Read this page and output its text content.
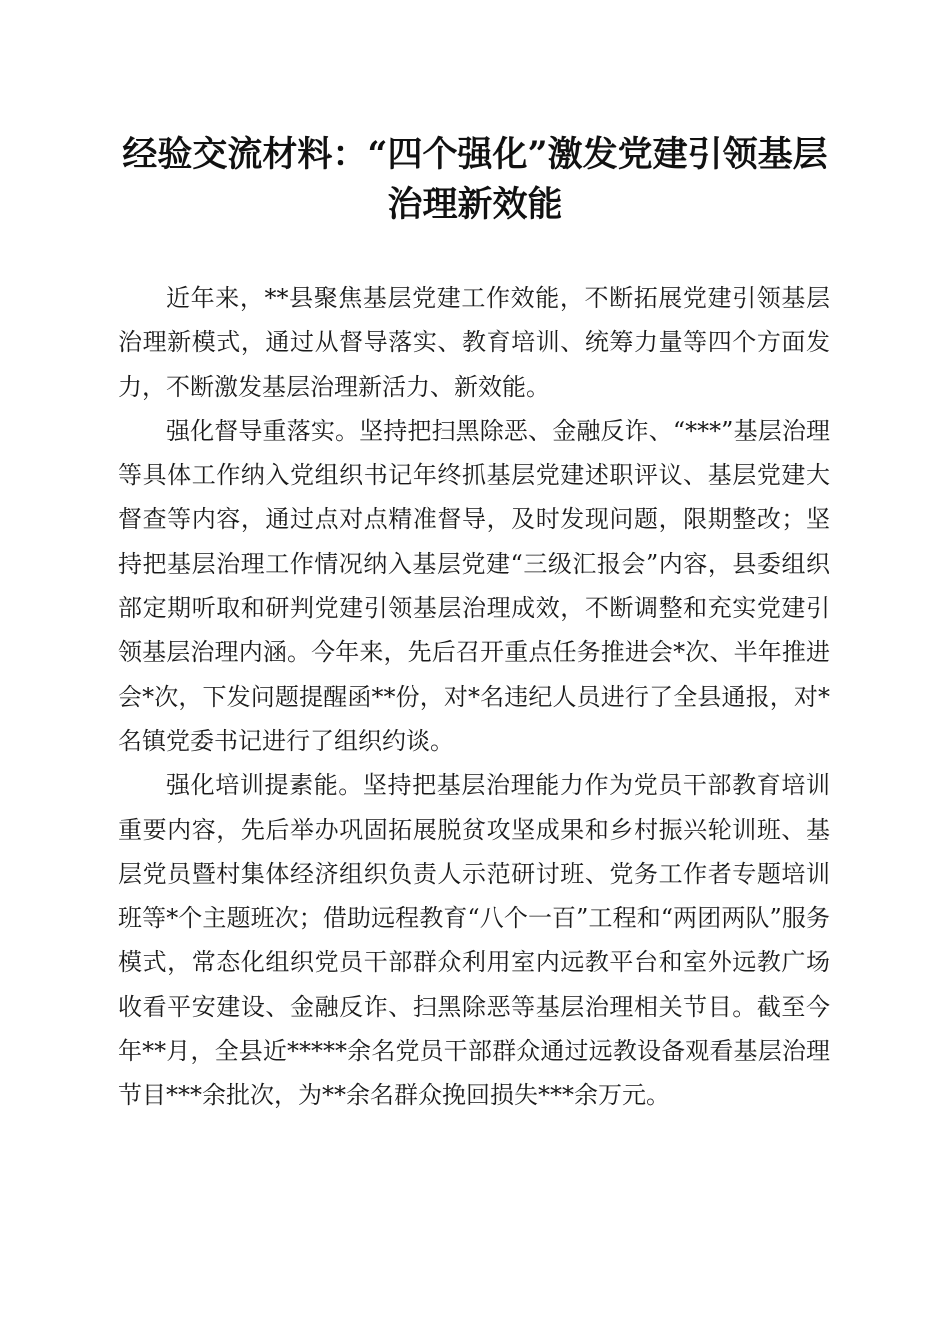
经验交流材料：“四个强化”激发党建引领基层治理新效能

近年来，**县聚焦基层党建工作效能，不断拓展党建引领基层治理新模式，通过从督导落实、教育培训、统筹力量等四个方面发力，不断激发基层治理新活力、新效能。

强化督导重落实。坚持把扫黑除恶、金融反诈、“***”基层治理等具体工作纳入党组织书记年终抓基层党建述职评议、基层党建大督查等内容，通过点对点精准督导，及时发现问题，限期整改；坚持把基层治理工作情况纳入基层党建“三级汇报会”内容，县委组织部定期听取和研判党建引领基层治理成效，不断调整和充实党建引领基层治理内涵。今年来，先后召开重点任务推进会*次、半年推进会*次，下发问题提醒函**份，对*名违纪人员进行了全县通报，对*名镇党委书记进行了组织约谈。

强化培训提素能。坚持把基层治理能力作为党员干部教育培训重要内容，先后举办巩固拓展脱贫攻坚成果和乡村振兴轮训班、基层党员暨村集体经济组织负责人示范研讨班、党务工作者专题培训班等*个主题班次；借助远程教育“八个一百”工程和“两团两队”服务模式，常态化组织党员干部群众利用室内远教平台和室外远教广场收看平安建设、金融反诈、扫黑除恶等基层治理相关节目。截至今年**月，全县近*****余名党员干部群众通过远教设备观看基层治理节目***余批次，为**余名群众挽回损失***余万元。
